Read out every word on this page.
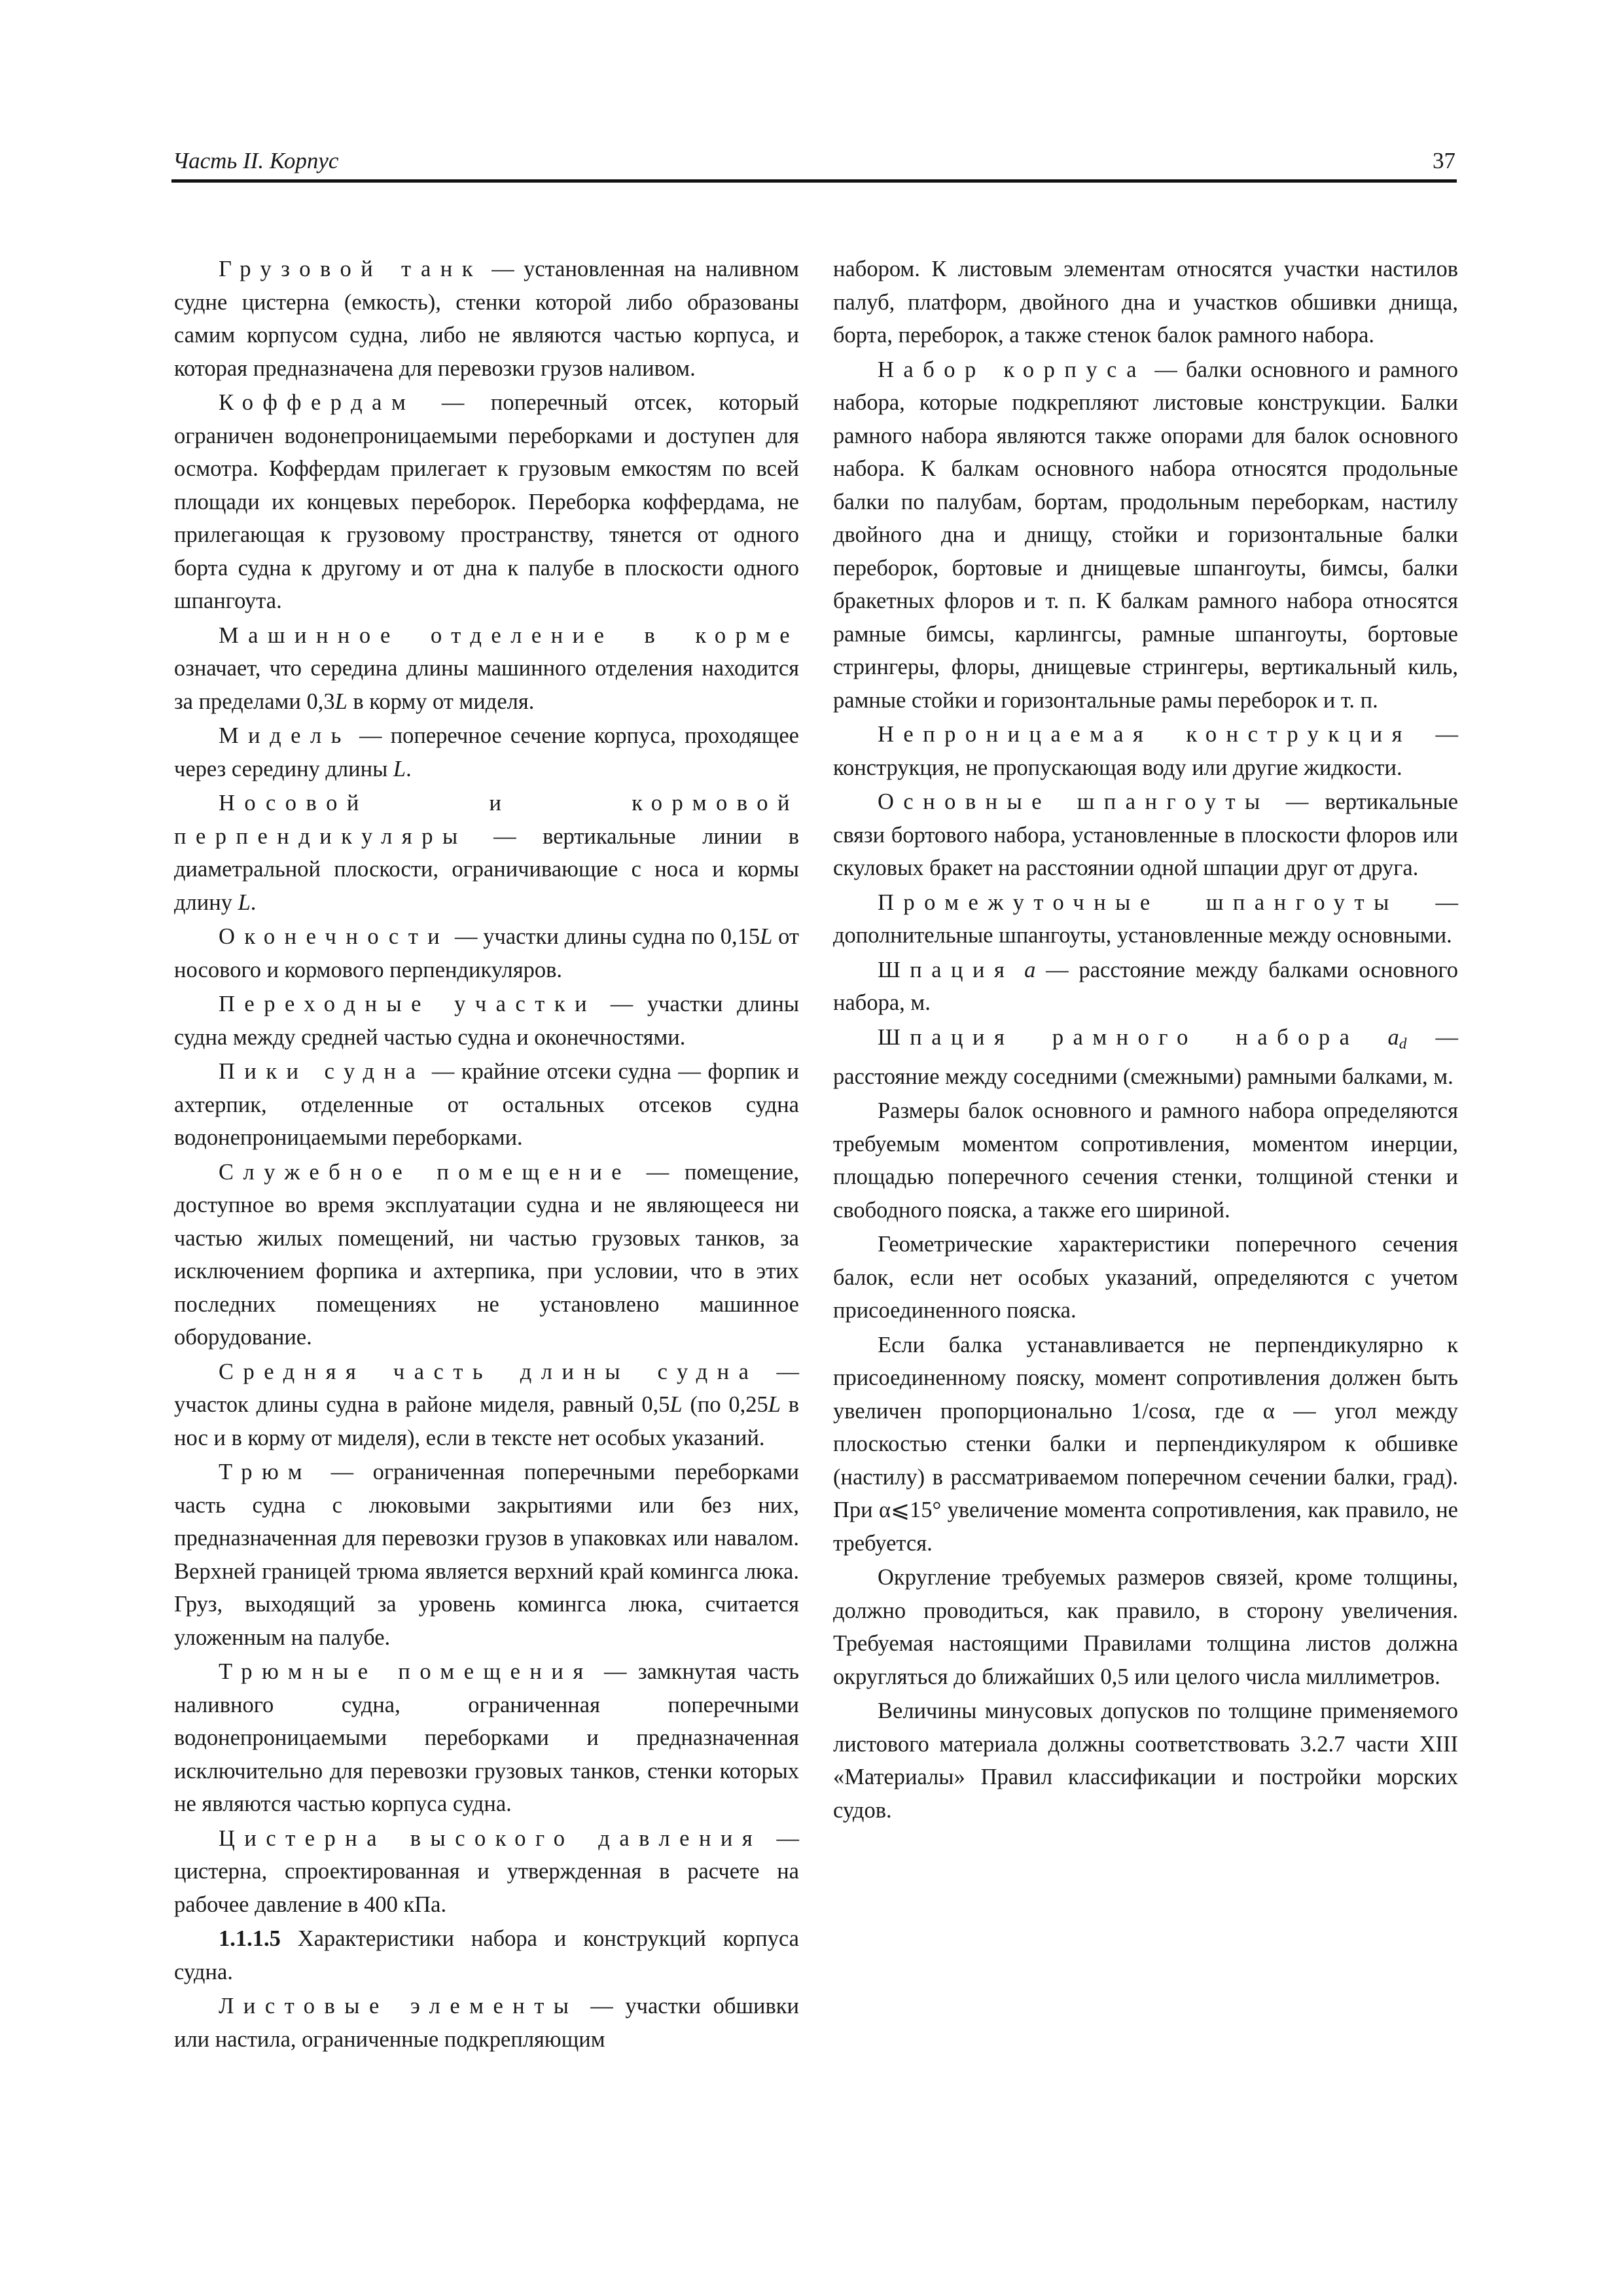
Часть II. Корпус	37

Грузовой танк — установленная на наливном судне цистерна (емкость), стенки которой либо образованы самим корпусом судна, либо не являются частью корпуса, и которая предназначена для перевозки грузов наливом.

Коффердам — поперечный отсек, который ограничен водонепроницаемыми переборками и доступен для осмотра. Коффердам прилегает к грузовым емкостям по всей площади их концевых переборок. Переборка коффердама, не прилегающая к грузовому пространству, тянется от одного борта судна к другому и от дна к палубе в плоскости одного шпангоута.

Машинное отделение в корме означает, что середина длины машинного отделения находится за пределами 0,3L в корму от миделя.

Мидель — поперечное сечение корпуса, проходящее через середину длины L.

Носовой и кормовой перпендикуляры — вертикальные линии в диаметральной плоскости, ограничивающие с носа и кормы длину L.

Оконечности — участки длины судна по 0,15L от носового и кормового перпендикуляров.

Переходные участки — участки длины судна между средней частью судна и оконечностями.

Пики судна — крайние отсеки судна — форпик и ахтерпик, отделенные от остальных отсеков судна водонепроницаемыми переборками.

Служебное помещение — помещение, доступное во время эксплуатации судна и не являющееся ни частью жилых помещений, ни частью грузовых танков, за исключением форпика и ахтерпика, при условии, что в этих последних помещениях не установлено машинное оборудование.

Средняя часть длины судна — участок длины судна в районе миделя, равный 0,5L (по 0,25L в нос и в корму от миделя), если в тексте нет особых указаний.

Трюм — ограниченная поперечными переборками часть судна с люковыми закрытиями или без них, предназначенная для перевозки грузов в упаковках или навалом. Верхней границей трюма является верхний край комингса люка. Груз, выходящий за уровень комингса люка, считается уложенным на палубе.

Трюмные помещения — замкнутая часть наливного судна, ограниченная поперечными водонепроницаемыми переборками и предназначенная исключительно для перевозки грузовых танков, стенки которых не являются частью корпуса судна.

Цистерна высокого давления — цистерна, спроектированная и утвержденная в расчете на рабочее давление в 400 кПа.

1.1.1.5 Характеристики набора и конструкций корпуса судна.

Листовые элементы — участки обшивки или настила, ограниченные подкрепляющим

набором. К листовым элементам относятся участки настилов палуб, платформ, двойного дна и участков обшивки днища, борта, переборок, а также стенок балок рамного набора.

Набор корпуса — балки основного и рамного набора, которые подкрепляют листовые конструкции. Балки рамного набора являются также опорами для балок основного набора. К балкам основного набора относятся продольные балки по палубам, бортам, продольным переборкам, настилу двойного дна и днищу, стойки и горизонтальные балки переборок, бортовые и днищевые шпангоуты, бимсы, балки бракетных флоров и т. п. К балкам рамного набора относятся рамные бимсы, карлингсы, рамные шпангоуты, бортовые стрингеры, флоры, днищевые стрингеры, вертикальный киль, рамные стойки и горизонтальные рамы переборок и т. п.

Непроницаемая конструкция — конструкция, не пропускающая воду или другие жидкости.

Основные шпангоуты — вертикальные связи бортового набора, установленные в плоскости флоров или скуловых бракет на расстоянии одной шпации друг от друга.

Промежуточные шпангоуты — дополнительные шпангоуты, установленные между основными.

Шпация a — расстояние между балками основного набора, м.

Шпация рамного набора $a_d$ — расстояние между соседними (смежными) рамными балками, м.

Размеры балок основного и рамного набора определяются требуемым моментом сопротивления, моментом инерции, площадью поперечного сечения стенки, толщиной стенки и свободного пояска, а также его шириной.

Геометрические характеристики поперечного сечения балок, если нет особых указаний, определяются с учетом присоединенного пояска.

Если балка устанавливается не перпендикулярно к присоединенному пояску, момент сопротивления должен быть увеличен пропорционально 1/cosα, где α — угол между плоскостью стенки балки и перпендикуляром к обшивке (настилу) в рассматриваемом поперечном сечении балки, град). При α⩽15° увеличение момента сопротивления, как правило, не требуется.

Округление требуемых размеров связей, кроме толщины, должно проводиться, как правило, в сторону увеличения. Требуемая настоящими Правилами толщина листов должна округляться до ближайших 0,5 или целого числа миллиметров.

Величины минусовых допусков по толщине применяемого листового материала должны соответствовать 3.2.7 части XIII «Материалы» Правил классификации и постройки морских судов.
